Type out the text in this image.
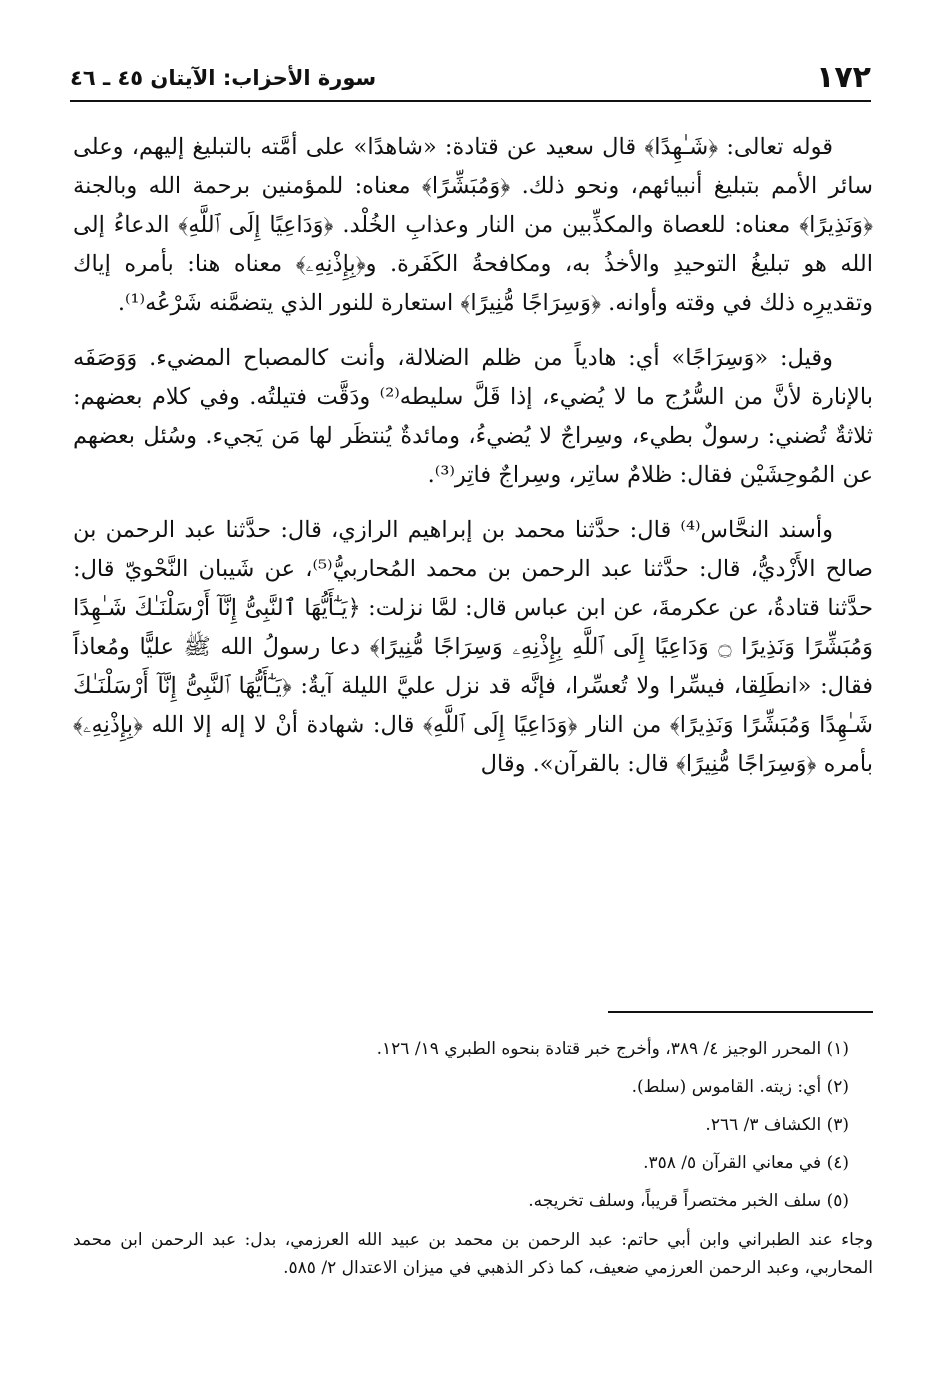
١٧٢
سورة الأحزاب: الآيتان ٤٥ ـ ٤٦

قوله تعالى: ﴿شَـٰهِدًا﴾ قال سعيد عن قتادة: «شاهدًا» على أمَّته بالتبليغ إليهم، وعلى سائر الأمم بتبليغ أنبيائهم، ونحو ذلك. ﴿وَمُبَشِّرًا﴾ معناه: للمؤمنين برحمة الله وبالجنة ﴿وَنَذِيرًا﴾ معناه: للعصاة والمكذِّبين من النار وعذابِ الخُلْد. ﴿وَدَاعِيًا إِلَى ٱللَّهِ﴾ الدعاءُ إلى الله هو تبليغُ التوحيدِ والأخذُ به، ومكافحةُ الكَفَرة. و﴿بِإِذْنِهِۦ﴾ معناه هنا: بأمره إياك وتقديرِه ذلك في وقته وأوانه. ﴿وَسِرَاجًا مُّنِيرًا﴾ استعارة للنور الذي يتضمَّنه شَرْعُه⁽¹⁾.

وقيل: «وَسِرَاجًا» أي: هادياً من ظلم الضلالة، وأنت كالمصباح المضيء. وَوَصَفَه بالإنارة لأنَّ من السُّرُج ما لا يُضيء، إذا قَلَّ سليطه⁽²⁾ ودَقَّت فتيلتُه. وفي كلام بعضهم: ثلاثةٌ تُضني: رسولٌ بطيء، وسِراجٌ لا يُضيءُ، ومائدةٌ يُنتظَر لها مَن يَجيء. وسُئل بعضهم عن المُوحِشَيْن فقال: ظلامٌ ساتِر، وسِراجٌ فاتِر⁽³⁾.

وأسند النحَّاس⁽⁴⁾ قال: حدَّثنا محمد بن إبراهيم الرازي، قال: حدَّثنا عبد الرحمن بن صالح الأَزْديُّ، قال: حدَّثنا عبد الرحمن بن محمد المُحاربيُّ⁽⁵⁾، عن شَيبان النَّحْويّ قال: حدَّثنا قتادةُ، عن عكرمةَ، عن ابن عباس قال: لمَّا نزلت: ﴿يَـٰٓأَيُّهَا ٱلنَّبِىُّ إِنَّآ أَرْسَلْنَـٰكَ شَـٰهِدًا وَمُبَشِّرًا وَنَذِيرًا ۝ وَدَاعِيًا إِلَى ٱللَّهِ بِإِذْنِهِۦ وَسِرَاجًا مُّنِيرًا﴾ دعا رسولُ الله ﷺ عليًّا ومُعاذاً فقال: «انطَلِقا، فيسِّرا ولا تُعسِّرا، فإنَّه قد نزل عليَّ الليلة آيةٌ: ﴿يَـٰٓأَيُّهَا ٱلنَّبِىُّ إِنَّآ أَرْسَلْنَـٰكَ شَـٰهِدًا وَمُبَشِّرًا وَنَذِيرًا﴾ من النار ﴿وَدَاعِيًا إِلَى ٱللَّهِ﴾ قال: شهادة أنْ لا إله إلا الله ﴿بِإِذْنِهِۦ﴾ بأمره ﴿وَسِرَاجًا مُّنِيرًا﴾ قال: بالقرآن». وقال

(١) المحرر الوجيز ٤/ ٣٨٩، وأخرج خبر قتادة بنحوه الطبري ١٩/ ١٢٦.
(٢) أي: زيته. القاموس (سلط).
(٣) الكشاف ٣/ ٢٦٦.
(٤) في معاني القرآن ٥/ ٣٥٨.
(٥) سلف الخبر مختصراً قريباً، وسلف تخريجه.
وجاء عند الطبراني وابن أبي حاتم: عبد الرحمن بن محمد بن عبيد الله العرزمي، بدل: عبد الرحمن ابن محمد المحاربي، وعبد الرحمن العرزمي ضعيف، كما ذكر الذهبي في ميزان الاعتدال ٢/ ٥٨٥.
